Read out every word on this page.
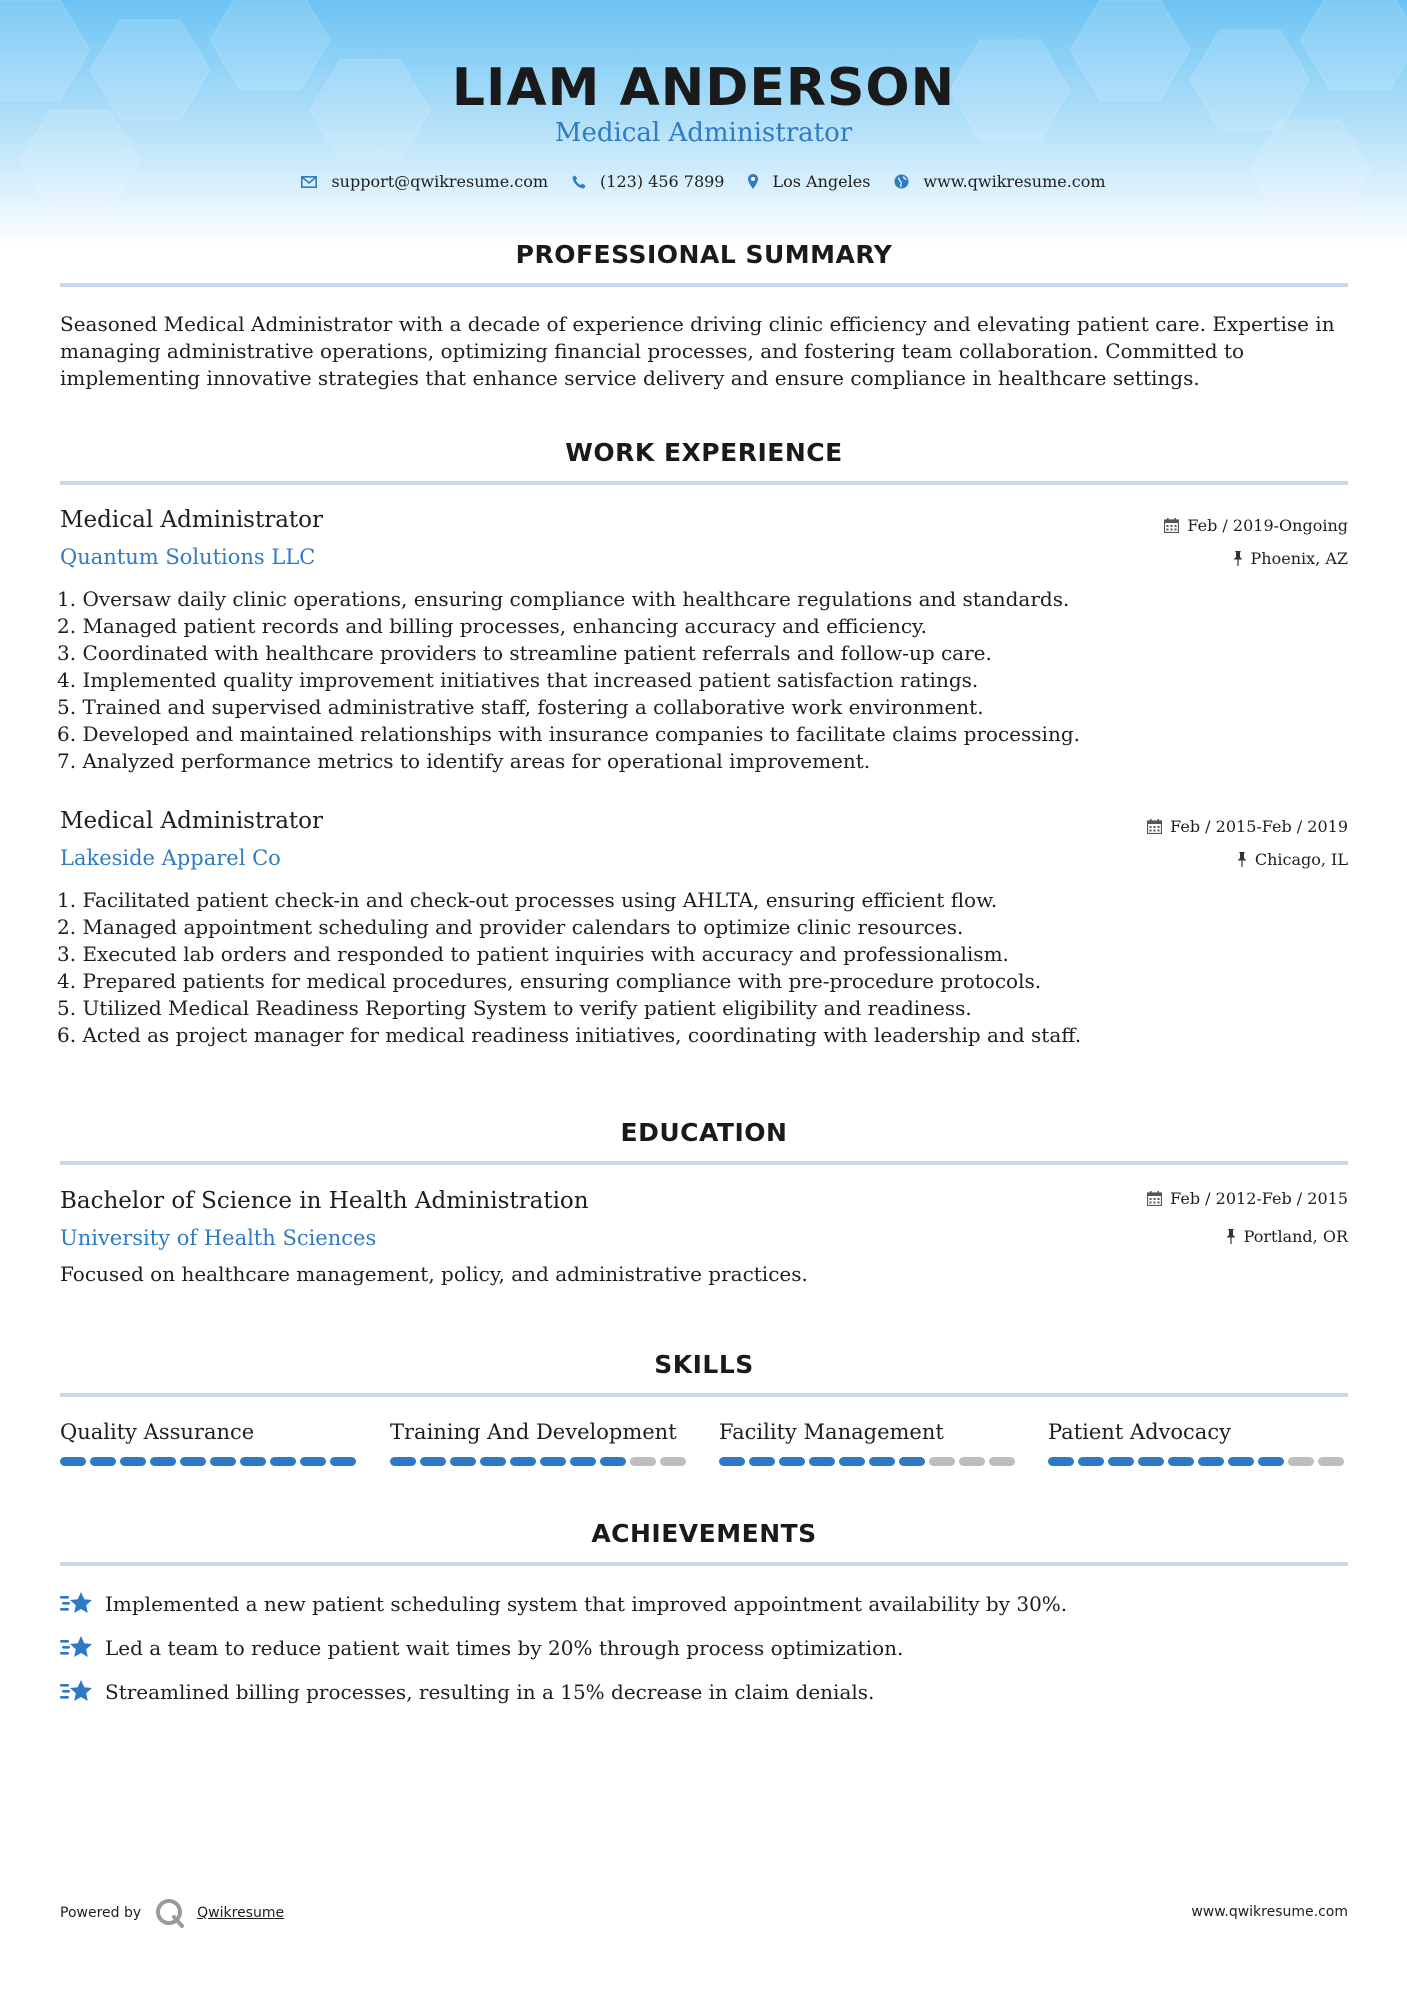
LIAM ANDERSON
Medical Administrator
support@qwikresume.com	(123) 456 7899	Los Angeles	www.qwikresume.com
PROFESSIONAL SUMMARY
Seasoned Medical Administrator with a decade of experience driving clinic efficiency and elevating patient care. Expertise in managing administrative operations, optimizing financial processes, and fostering team collaboration. Committed to implementing innovative strategies that enhance service delivery and ensure compliance in healthcare settings.
WORK EXPERIENCE
Medical Administrator
Quantum Solutions LLC
Feb / 2019-Ongoing
Phoenix, AZ
1. Oversaw daily clinic operations, ensuring compliance with healthcare regulations and standards.
2. Managed patient records and billing processes, enhancing accuracy and efficiency.
3. Coordinated with healthcare providers to streamline patient referrals and follow-up care.
4. Implemented quality improvement initiatives that increased patient satisfaction ratings.
5. Trained and supervised administrative staff, fostering a collaborative work environment.
6. Developed and maintained relationships with insurance companies to facilitate claims processing.
7. Analyzed performance metrics to identify areas for operational improvement.
Medical Administrator
Lakeside Apparel Co
Feb / 2015-Feb / 2019
Chicago, IL
1. Facilitated patient check-in and check-out processes using AHLTA, ensuring efficient flow.
2. Managed appointment scheduling and provider calendars to optimize clinic resources.
3. Executed lab orders and responded to patient inquiries with accuracy and professionalism.
4. Prepared patients for medical procedures, ensuring compliance with pre-procedure protocols.
5. Utilized Medical Readiness Reporting System to verify patient eligibility and readiness.
6. Acted as project manager for medical readiness initiatives, coordinating with leadership and staff.
EDUCATION
Bachelor of Science in Health Administration
University of Health Sciences
Feb / 2012-Feb / 2015
Portland, OR
Focused on healthcare management, policy, and administrative practices.
SKILLS
Quality Assurance	Training And Development	Facility Management	Patient Advocacy
ACHIEVEMENTS
Implemented a new patient scheduling system that improved appointment availability by 30%.
Led a team to reduce patient wait times by 20% through process optimization.
Streamlined billing processes, resulting in a 15% decrease in claim denials.
Powered by	Qwikresume	www.qwikresume.com
